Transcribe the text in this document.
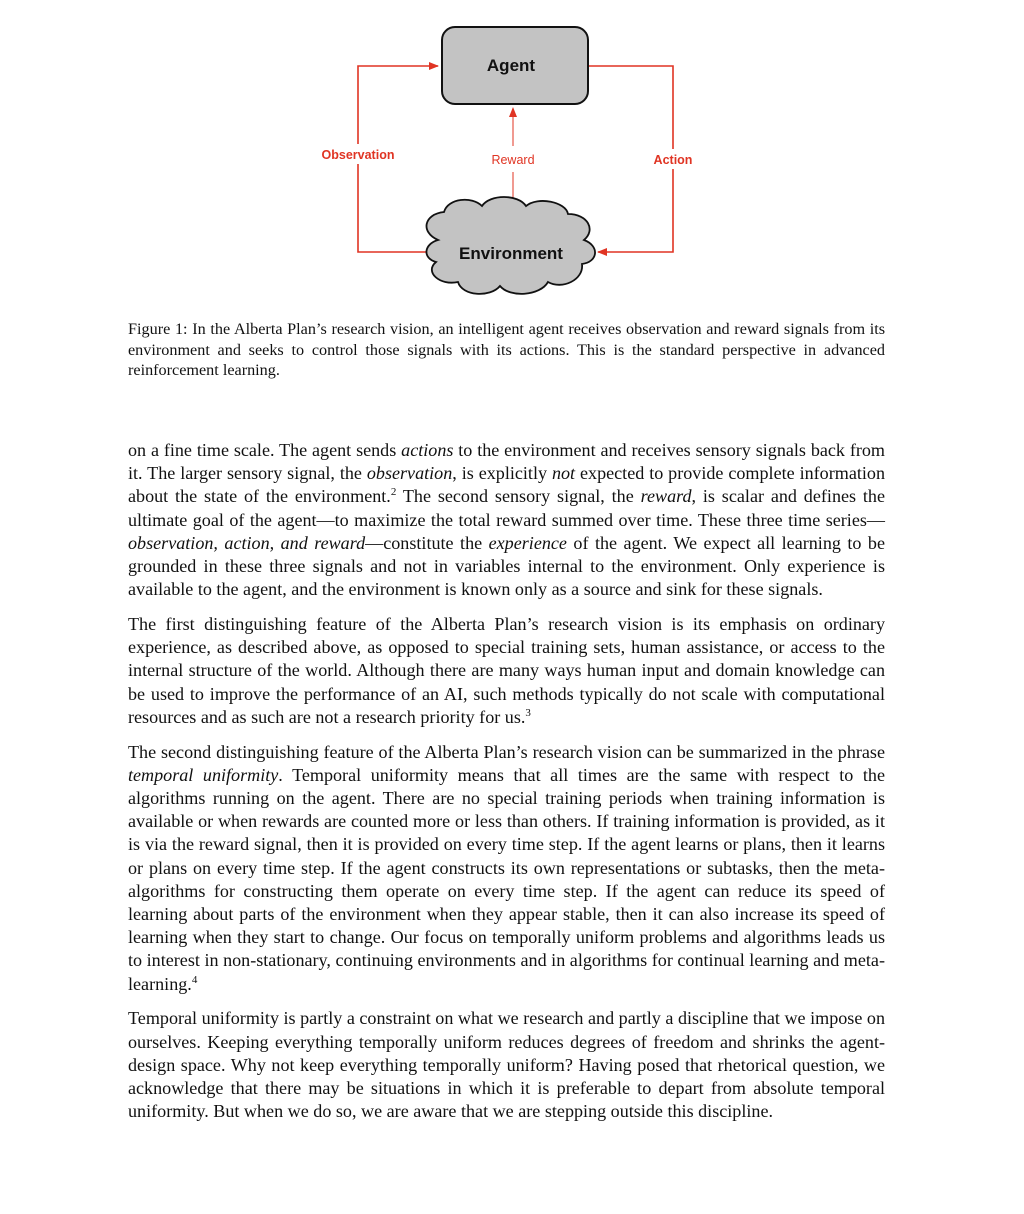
Agent
Environment
Observation	Reward	Action
Figure 1: In the Alberta Plan’s research vision, an intelligent agent receives observation and reward signals from its environment and seeks to control those signals with its actions. This is the standard perspective in advanced reinforcement learning.

on a fine time scale. The agent sends actions to the environment and receives sensory signals back from it. The larger sensory signal, the observation, is explicitly not expected to provide complete information about the state of the environment.$^2$ The second sensory signal, the reward, is scalar and defines the ultimate goal of the agent—to maximize the total reward summed over time. These three time series—observation, action, and reward—constitute the experience of the agent. We expect all learning to be grounded in these three signals and not in variables internal to the environment. Only experience is available to the agent, and the environment is known only as a source and sink for these signals.

The first distinguishing feature of the Alberta Plan’s research vision is its emphasis on ordinary experience, as described above, as opposed to special training sets, human assistance, or access to the internal structure of the world. Although there are many ways human input and domain knowledge can be used to improve the performance of an AI, such methods typically do not scale with computational resources and as such are not a research priority for us.$^3$

The second distinguishing feature of the Alberta Plan’s research vision can be summarized in the phrase temporal uniformity. Temporal uniformity means that all times are the same with respect to the algorithms running on the agent. There are no special training periods when training information is available or when rewards are counted more or less than others. If training information is provided, as it is via the reward signal, then it is provided on every time step. If the agent learns or plans, then it learns or plans on every time step. If the agent constructs its own representations or subtasks, then the meta-algorithms for constructing them operate on every time step. If the agent can reduce its speed of learning about parts of the environment when they appear stable, then it can also increase its speed of learning when they start to change. Our focus on temporally uniform problems and algorithms leads us to interest in non-stationary, continuing environments and in algorithms for continual learning and meta-learning.$^4$

Temporal uniformity is partly a constraint on what we research and partly a discipline that we impose on ourselves. Keeping everything temporally uniform reduces degrees of freedom and shrinks the agent-design space. Why not keep everything temporally uniform? Having posed that rhetorical question, we acknowledge that there may be situations in which it is preferable to depart from absolute temporal uniformity. But when we do so, we are aware that we are stepping outside this discipline.
